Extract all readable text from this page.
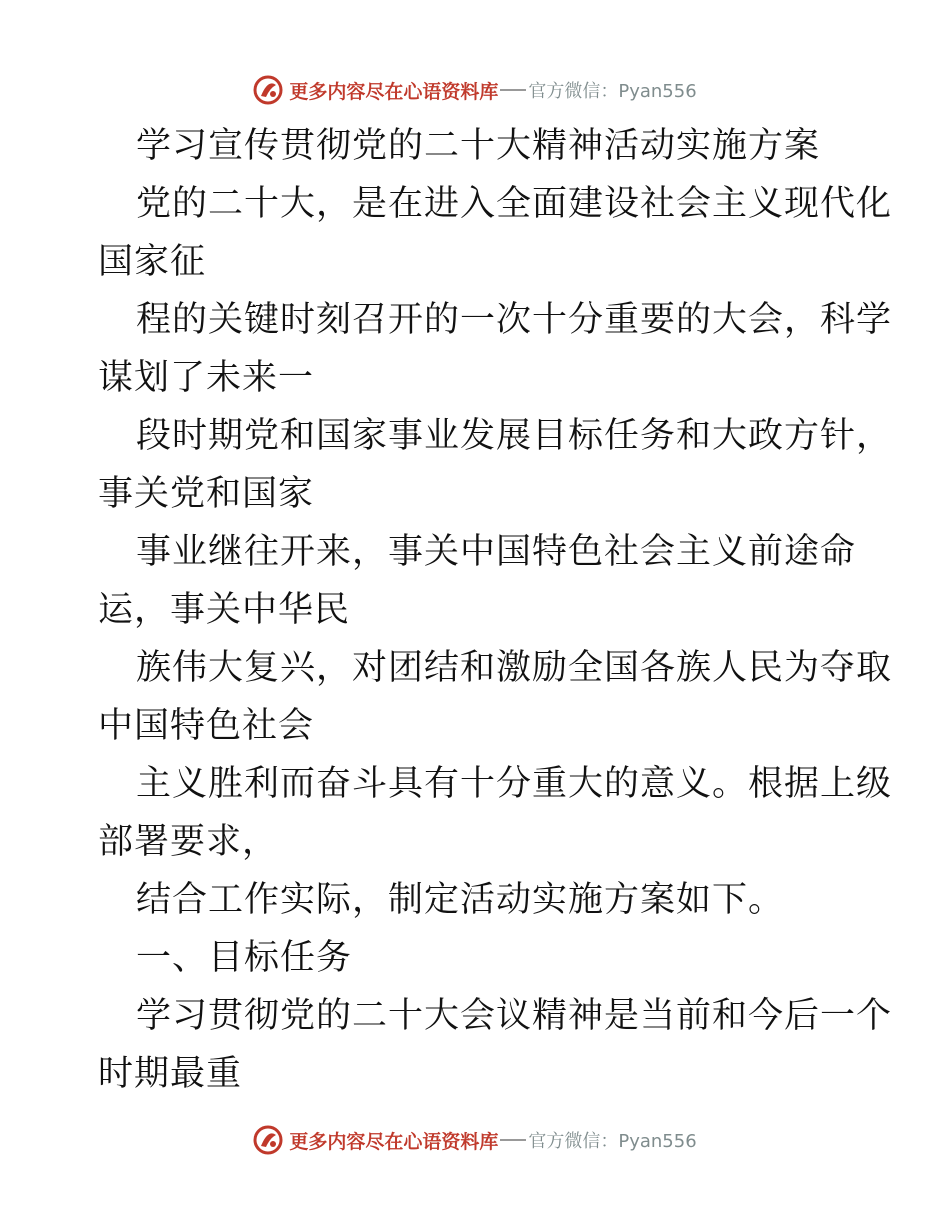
更多内容尽在心语资料库 官方微信：Pyan556
学习宣传贯彻党的二十大精神活动实施方案
党的二十大，是在进入全面建设社会主义现代化
国家征
程的关键时刻召开的一次十分重要的大会，科学
谋划了未来一
段时期党和国家事业发展目标任务和大政方针，
事关党和国家
事业继往开来，事关中国特色社会主义前途命
运，事关中华民
族伟大复兴，对团结和激励全国各族人民为夺取
中国特色社会
主义胜利而奋斗具有十分重大的意义。根据上级
部署要求，
结合工作实际，制定活动实施方案如下。
一、目标任务
学习贯彻党的二十大会议精神是当前和今后一个
时期最重
更多内容尽在心语资料库 官方微信：Pyan556
